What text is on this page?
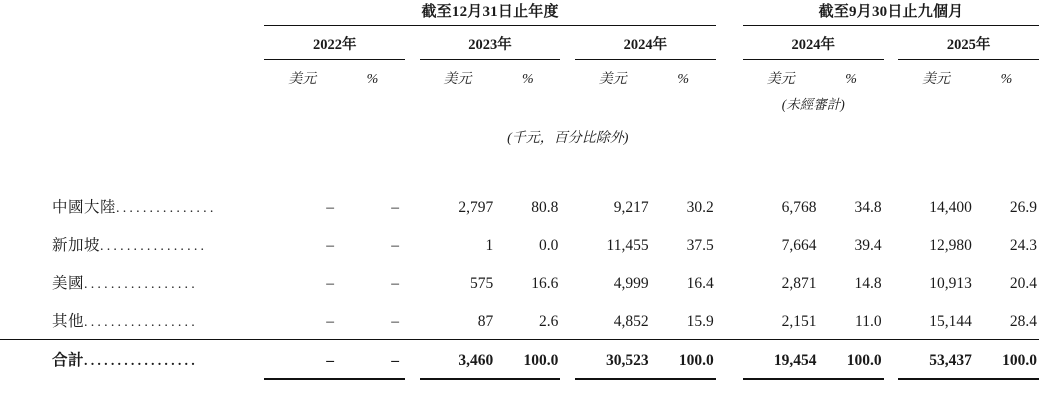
	截至12月31日止年度									截至9月30日止九個月				
	2022年			2023年			2024年			2024年			2025年	
	美元	%		美元	%		美元	%		美元	%		美元	%
										(未經審計)				
				(千元，百分比除外)										

中國大陸...............	–	–		2,797	80.8		9,217	30.2		6,768	34.8		14,400	26.9
新加坡................	–	–		1	0.0		11,455	37.5		7,664	39.4		12,980	24.3
美國.................	–	–		575	16.6		4,999	16.4		2,871	14.8		10,913	20.4
其他.................	–	–		87	2.6		4,852	15.9		2,151	11.0		15,144	28.4
合計.................	–	–		3,460	100.0		30,523	100.0		19,454	100.0		53,437	100.0
